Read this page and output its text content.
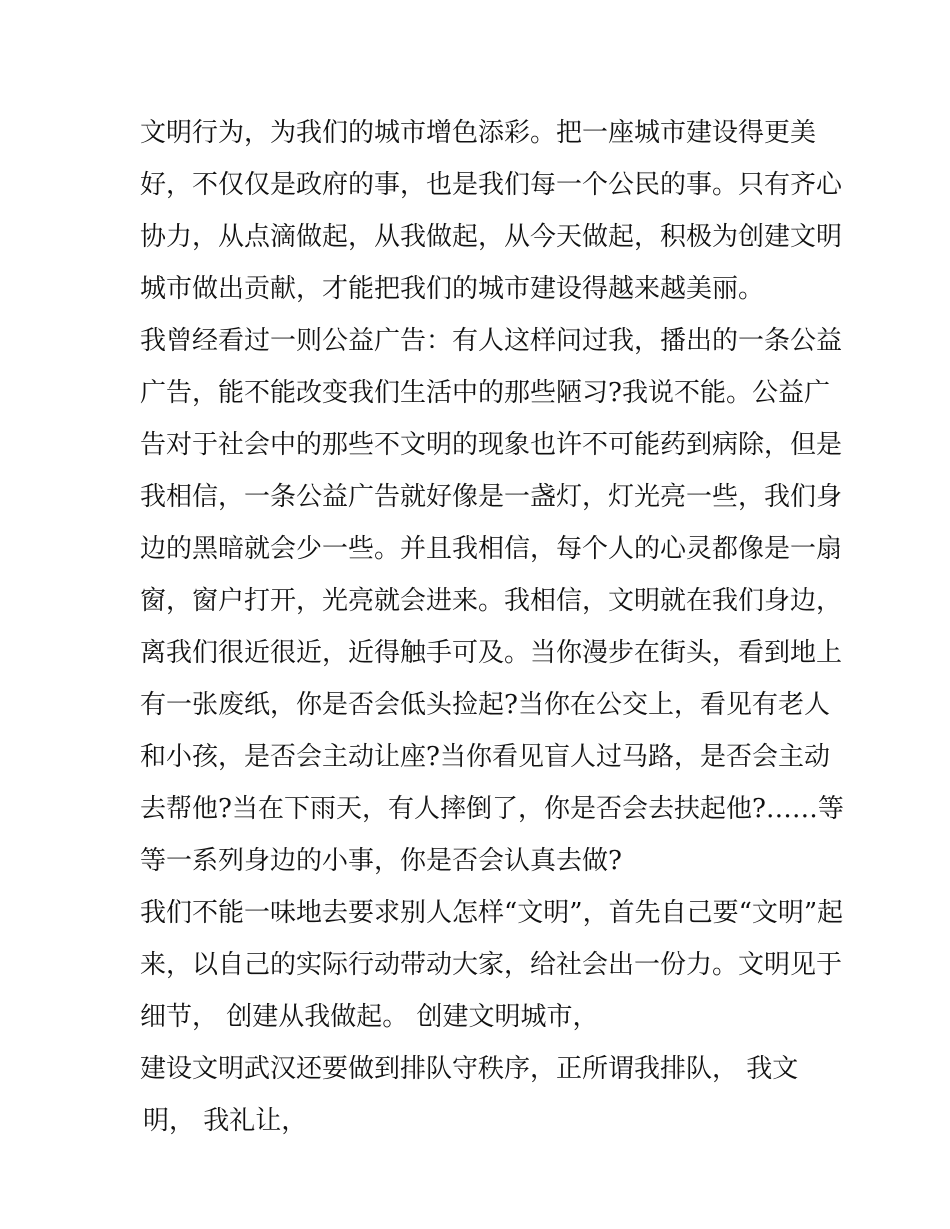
文明行为，为我们的城市增色添彩。把一座城市建设得更美
好，不仅仅是政府的事，也是我们每一个公民的事。只有齐心
协力，从点滴做起，从我做起，从今天做起，积极为创建文明
城市做出贡献，才能把我们的城市建设得越来越美丽。
我曾经看过一则公益广告：有人这样问过我，播出的一条公益
广告，能不能改变我们生活中的那些陋习?我说不能。公益广
告对于社会中的那些不文明的现象也许不可能药到病除，但是
我相信，一条公益广告就好像是一盏灯，灯光亮一些，我们身
边的黑暗就会少一些。并且我相信，每个人的心灵都像是一扇
窗，窗户打开，光亮就会进来。我相信，文明就在我们身边，
离我们很近很近，近得触手可及。当你漫步在街头，看到地上
有一张废纸，你是否会低头捡起?当你在公交上，看见有老人
和小孩，是否会主动让座?当你看见盲人过马路，是否会主动
去帮他?当在下雨天，有人摔倒了，你是否会去扶起他?……等
等一系列身边的小事，你是否会认真去做?
我们不能一味地去要求别人怎样“文明”，首先自己要“文明”起
来，以自己的实际行动带动大家，给社会出一份力。文明见于
细节， 创建从我做起。 创建文明城市，
建设文明武汉还要做到排队守秩序，正所谓我排队， 我文
明， 我礼让，
